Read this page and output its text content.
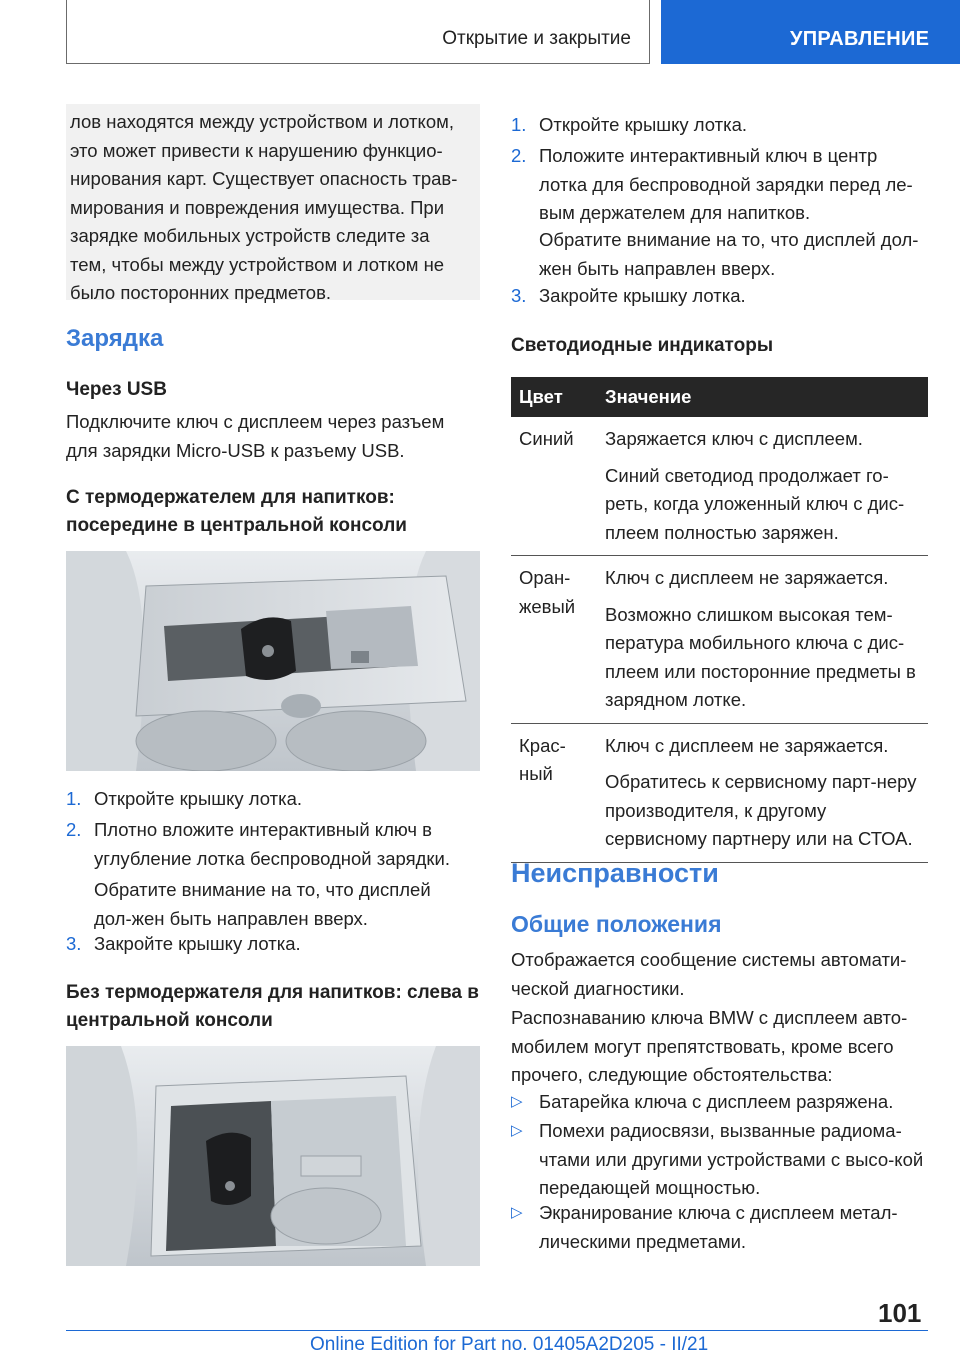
Открытие и закрытие	УПРАВЛЕНИЕ

лов находятся между устройством и лотком, это может привести к нарушению функцио-нирования карт. Существует опасность трав-мирования и повреждения имущества. При зарядке мобильных устройств следите за тем, чтобы между устройством и лотком не было посторонних предметов.

Зарядка
Через USB

Подключите ключ с дисплеем через разъем для зарядки Micro-USB к разъему USB.

С термодержателем для напитков: посередине в центральной консоли
1. Откройте крышку лотка.
2. Плотно вложите интерактивный ключ в углубление лотка беспроводной зарядки.
Обратите внимание на то, что дисплей дол-жен быть направлен вверх.
3. Закройте крышку лотка.
Без термодержателя для напитков: слева в центральной консоли
1. Откройте крышку лотка.
2. Положите интерактивный ключ в центр лотка для беспроводной зарядки перед ле-вым держателем для напитков.
Обратите внимание на то, что дисплей дол-жен быть направлен вверх.
3. Закройте крышку лотка.
Светодиодные индикаторы
Цвет	Значение
Синий	Заряжается ключ с дисплеем.

Синий светодиод продолжает го-реть, когда уложенный ключ с дис-плеем полностью заряжен.

Оран-жевый	Ключ с дисплеем не заряжается.

Возможно слишком высокая тем-пература мобильного ключа с дис-плеем или посторонние предметы в зарядном лотке.

Крас-ный	Ключ с дисплеем не заряжается.

Обратитесь к сервисному парт-неру производителя, к другому сервисному партнеру или на СТОА.

Неисправности
Общие положения

Отображается сообщение системы автомати-ческой диагностики.

Распознаванию ключа BMW с дисплеем авто-мобилем могут препятствовать, кроме всего прочего, следующие обстоятельства:

▷ Батарейка ключа с дисплеем разряжена.
▷ Помехи радиосвязи, вызванные радиома-чтами или другими устройствами с высо-кой передающей мощностью.
▷ Экранирование ключа с дисплеем метал-лическими предметами.
101
Online Edition for Part no. 01405A2D205 - II/21
